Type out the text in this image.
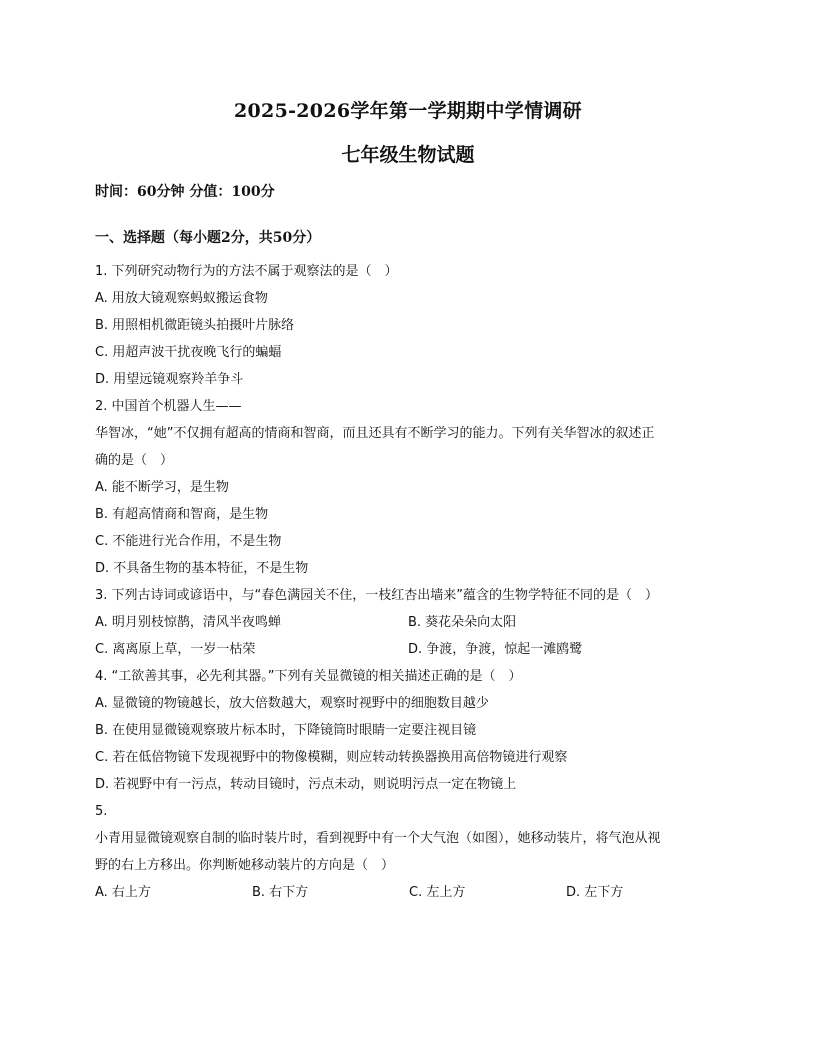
2025-2026学年第一学期期中学情调研
七年级生物试题
时间：60分钟 分值：100分
一、选择题（每小题2分，共50分）
1. 下列研究动物行为的方法不属于观察法的是（　）
A. 用放大镜观察蚂蚁搬运食物
B. 用照相机微距镜头拍摄叶片脉络
C. 用超声波干扰夜晚飞行的蝙蝠
D. 用望远镜观察羚羊争斗
2. 中国首个机器人生——
华智冰，“她”不仅拥有超高的情商和智商，而且还具有不断学习的能力。下列有关华智冰的叙述正
确的是（　）
A. 能不断学习，是生物
B. 有超高情商和智商，是生物
C. 不能进行光合作用，不是生物
D. 不具备生物的基本特征，不是生物
3. 下列古诗词或谚语中，与“春色满园关不住，一枝红杏出墙来”蕴含的生物学特征不同的是（　）
A. 明月别枝惊鹊，清风半夜鸣蝉	B. 葵花朵朵向太阳
C. 离离原上草，一岁一枯荣	D. 争渡，争渡，惊起一滩鸥鹭
4. “工欲善其事，必先利其器。”下列有关显微镜的相关描述正确的是（　）
A. 显微镜的物镜越长，放大倍数越大，观察时视野中的细胞数目越少
B. 在使用显微镜观察玻片标本时，下降镜筒时眼睛一定要注视目镜
C. 若在低倍物镜下发现视野中的物像模糊，则应转动转换器换用高倍物镜进行观察
D. 若视野中有一污点，转动目镜时，污点未动，则说明污点一定在物镜上
5.
小青用显微镜观察自制的临时装片时，看到视野中有一个大气泡（如图），她移动装片，将气泡从视
野的右上方移出。你判断她移动装片的方向是（　）
A. 右上方	B. 右下方	C. 左上方	D. 左下方
